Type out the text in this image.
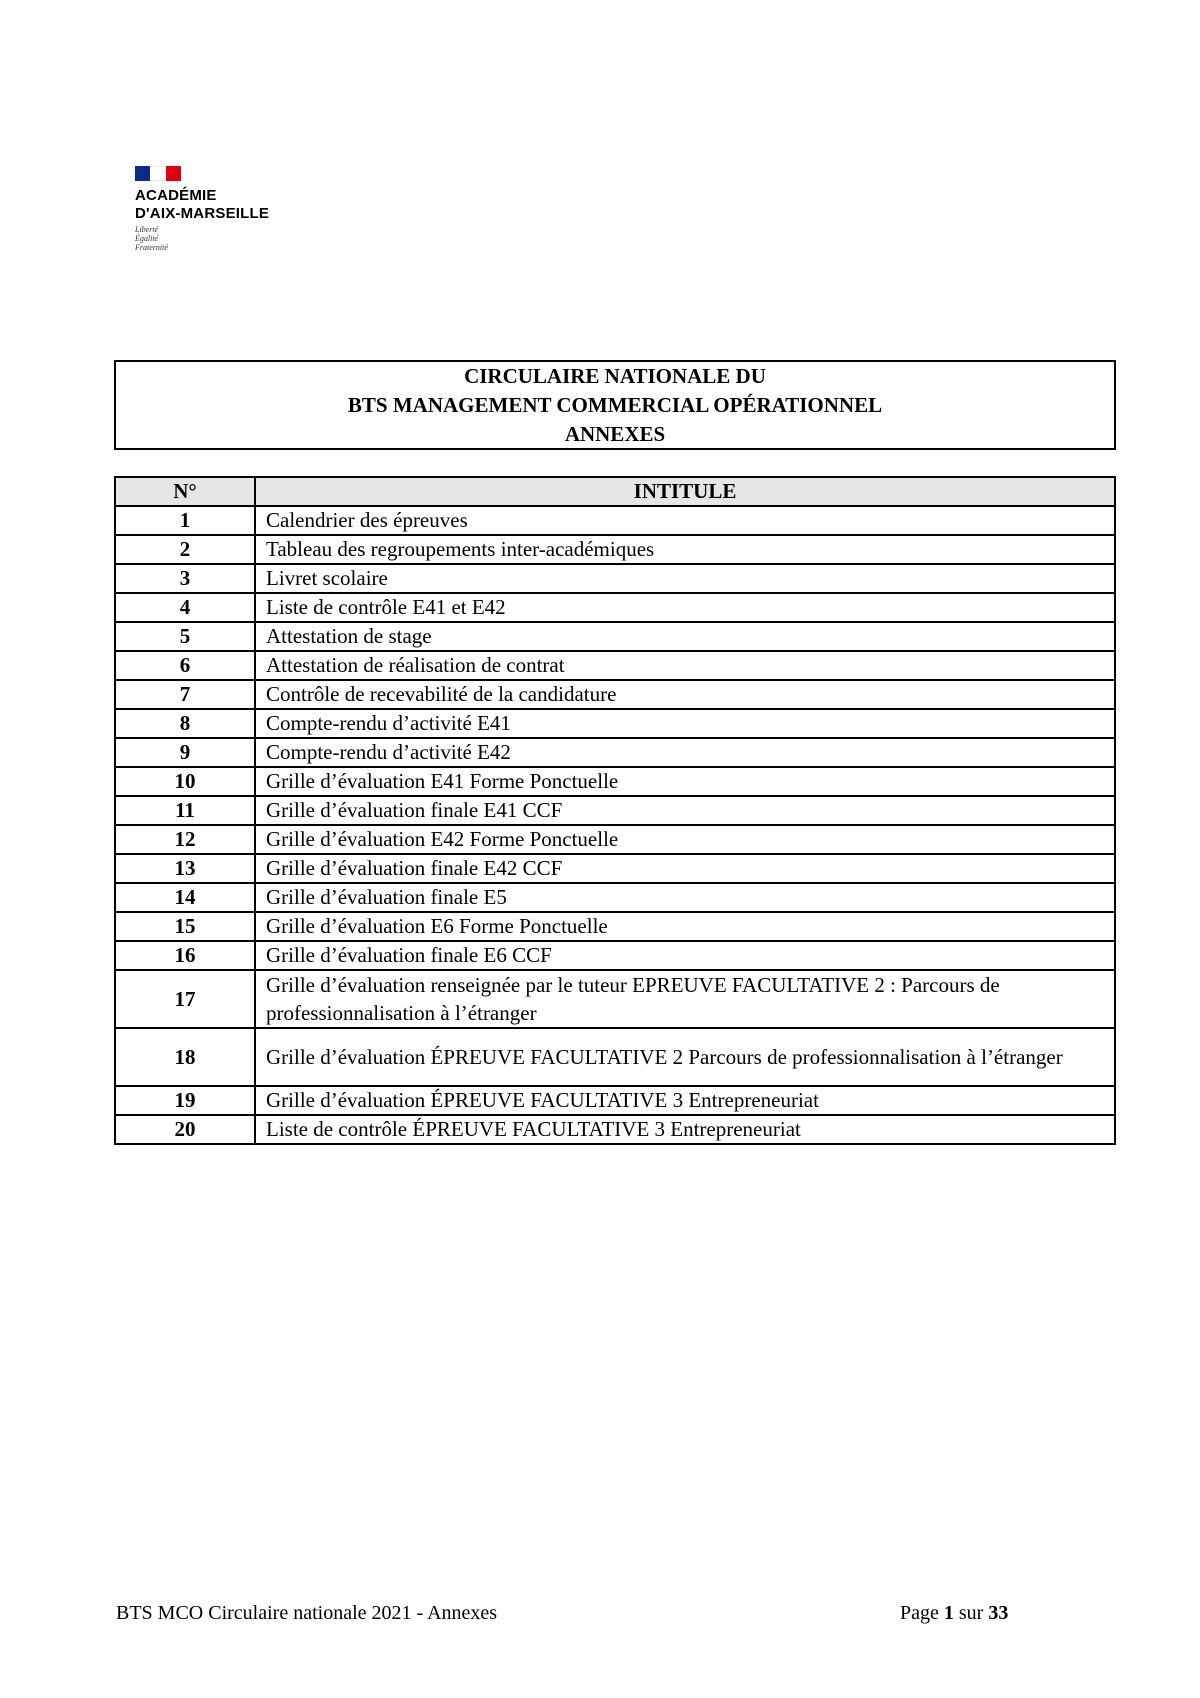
ACADÉMIE
D'AIX-MARSEILLE
Liberté
Égalité
Fraternité
CIRCULAIRE NATIONALE DU
BTS MANAGEMENT COMMERCIAL OPÉRATIONNEL
ANNEXES
N°	INTITULE
1	Calendrier des épreuves
2	Tableau des regroupements inter-académiques
3	Livret scolaire
4	Liste de contrôle E41 et E42
5	Attestation de stage
6	Attestation de réalisation de contrat
7	Contrôle de recevabilité de la candidature
8	Compte-rendu d’activité E41
9	Compte-rendu d’activité E42
10	Grille d’évaluation E41 Forme Ponctuelle
11	Grille d’évaluation finale E41 CCF
12	Grille d’évaluation E42 Forme Ponctuelle
13	Grille d’évaluation finale E42 CCF
14	Grille d’évaluation finale E5
15	Grille d’évaluation E6 Forme Ponctuelle
16	Grille d’évaluation finale E6 CCF
17	Grille d’évaluation renseignée par le tuteur EPREUVE FACULTATIVE 2 : Parcours de professionnalisation à l’étranger
18	Grille d’évaluation ÉPREUVE FACULTATIVE 2 Parcours de professionnalisation à l’étranger
19	Grille d’évaluation ÉPREUVE FACULTATIVE 3 Entrepreneuriat
20	Liste de contrôle ÉPREUVE FACULTATIVE 3 Entrepreneuriat
BTS MCO Circulaire nationale 2021 - Annexes	Page 1 sur 33
